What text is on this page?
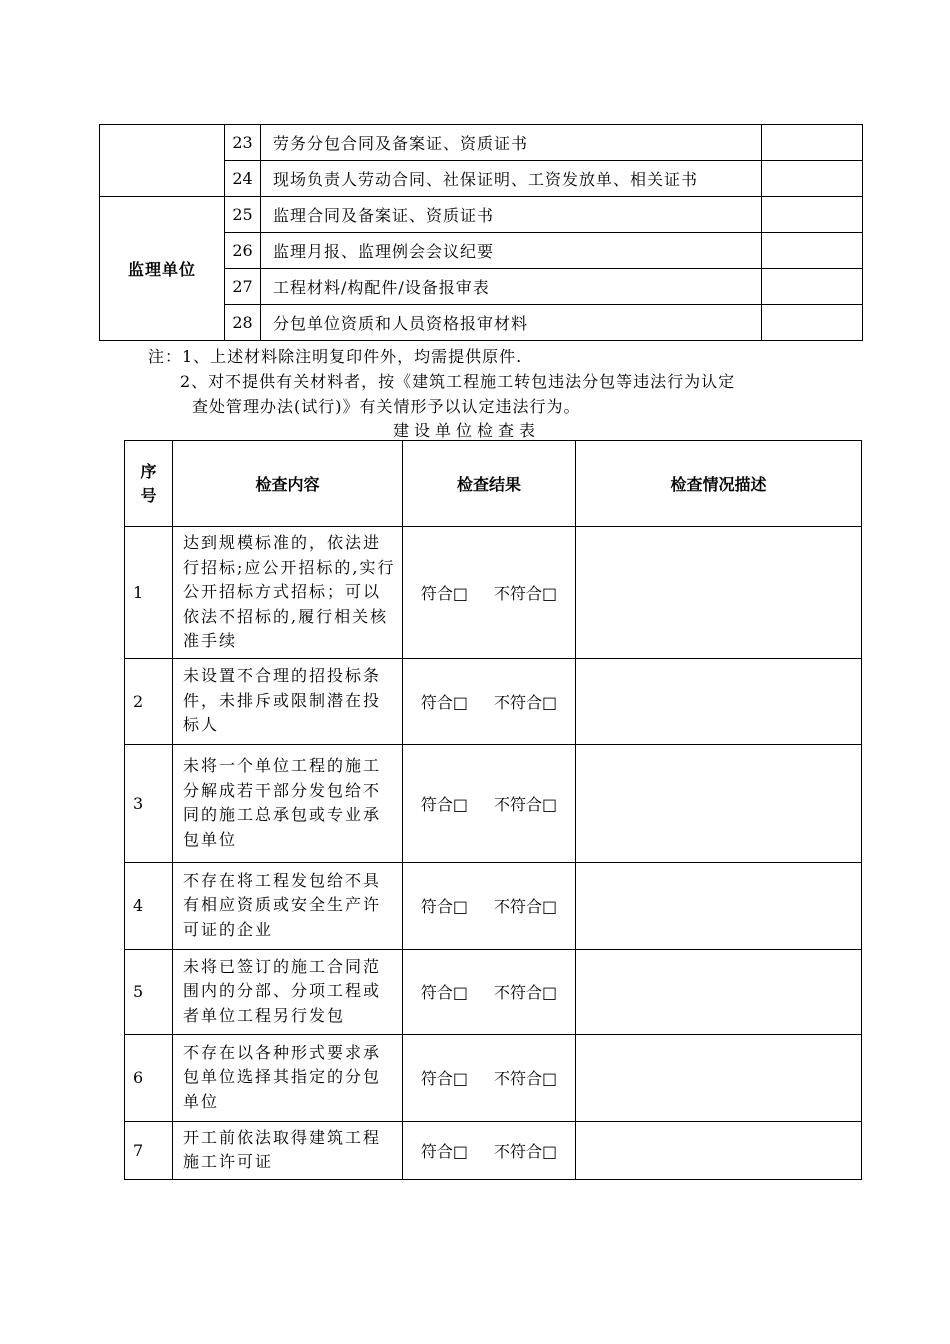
	23	劳务分包合同及备案证、资质证书	
	24	现场负责人劳动合同、社保证明、工资发放单、相关证书	
监理单位	25	监理合同及备案证、资质证书	
	26	监理月报、监理例会会议纪要	
	27	工程材料/构配件/设备报审表	
	28	分包单位资质和人员资格报审材料	
注：1、上述材料除注明复印件外，均需提供原件.
2、对不提供有关材料者，按《建筑工程施工转包违法分包等违法行为认定
查处管理办法(试行)》有关情形予以认定违法行为。
建设单位检查表
序
号	检查内容	检查结果	检查情况描述
1	达到规模标准的，依法进行招标;应公开招标的,实行公开招标方式招标；可以依法不招标的,履行相关核准手续	符合□ 不符合□	
2	未设置不合理的招投标条件，未排斥或限制潜在投标人	符合□ 不符合□	
3	未将一个单位工程的施工分解成若干部分发包给不同的施工总承包或专业承包单位	符合□ 不符合□	
4	不存在将工程发包给不具有相应资质或安全生产许可证的企业	符合□ 不符合□	
5	未将已签订的施工合同范围内的分部、分项工程或者单位工程另行发包	符合□ 不符合□	
6	不存在以各种形式要求承包单位选择其指定的分包单位	符合□ 不符合□	
7	开工前依法取得建筑工程施工许可证	符合□ 不符合□	
